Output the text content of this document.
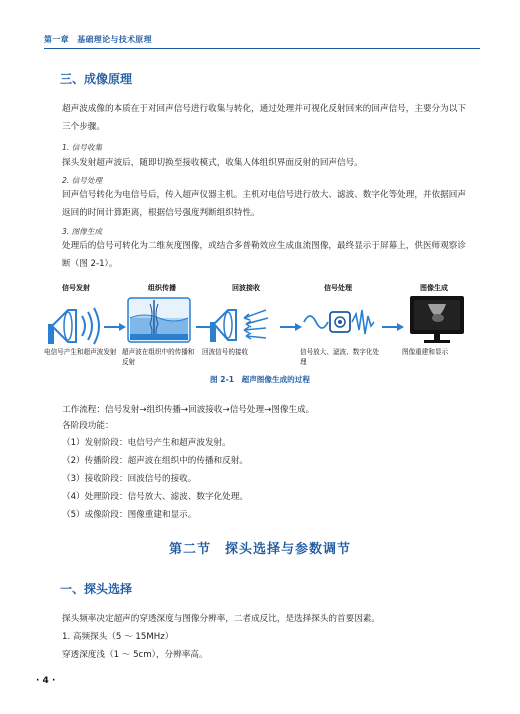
第一章　基础理论与技术原理
三、成像原理
超声波成像的本质在于对回声信号进行收集与转化，通过处理并可视化反射回来的回声信号，主要分为以下三个步骤。
1. 信号收集
探头发射超声波后，随即切换至接收模式，收集人体组织界面反射的回声信号。
2. 信号处理
回声信号转化为电信号后，传入超声仪器主机。主机对电信号进行放大、滤波、数字化等处理，并依据回声返回的时间计算距离，根据信号强度判断组织特性。
3. 图像生成
处理后的信号可转化为二维灰度图像，或结合多普勒效应生成血流图像，最终显示于屏幕上，供医师观察诊断（图 2-1）。
信号发射	组织传播	回波接收	信号处理	图像生成
电信号产生和超声波发射 超声波在组织中的传播和反射
回波信号的接收	信号放大、滤波、数字化处理
图像重建和显示
图 2-1　超声图像生成的过程
工作流程：信号发射→组织传播→回波接收→信号处理→图像生成。
各阶段功能：
（1）发射阶段：电信号产生和超声波发射。
（2）传播阶段：超声波在组织中的传播和反射。
（3）接收阶段：回波信号的接收。
（4）处理阶段：信号放大、滤波、数字化处理。
（5）成像阶段：图像重建和显示。
第二节　探头选择与参数调节
一、探头选择
探头频率决定超声的穿透深度与图像分辨率，二者成反比，是选择探头的首要因素。
1. 高频探头（5 ～ 15MHz）
穿透深度浅（1 ～ 5cm），分辨率高。
· 4 ·
